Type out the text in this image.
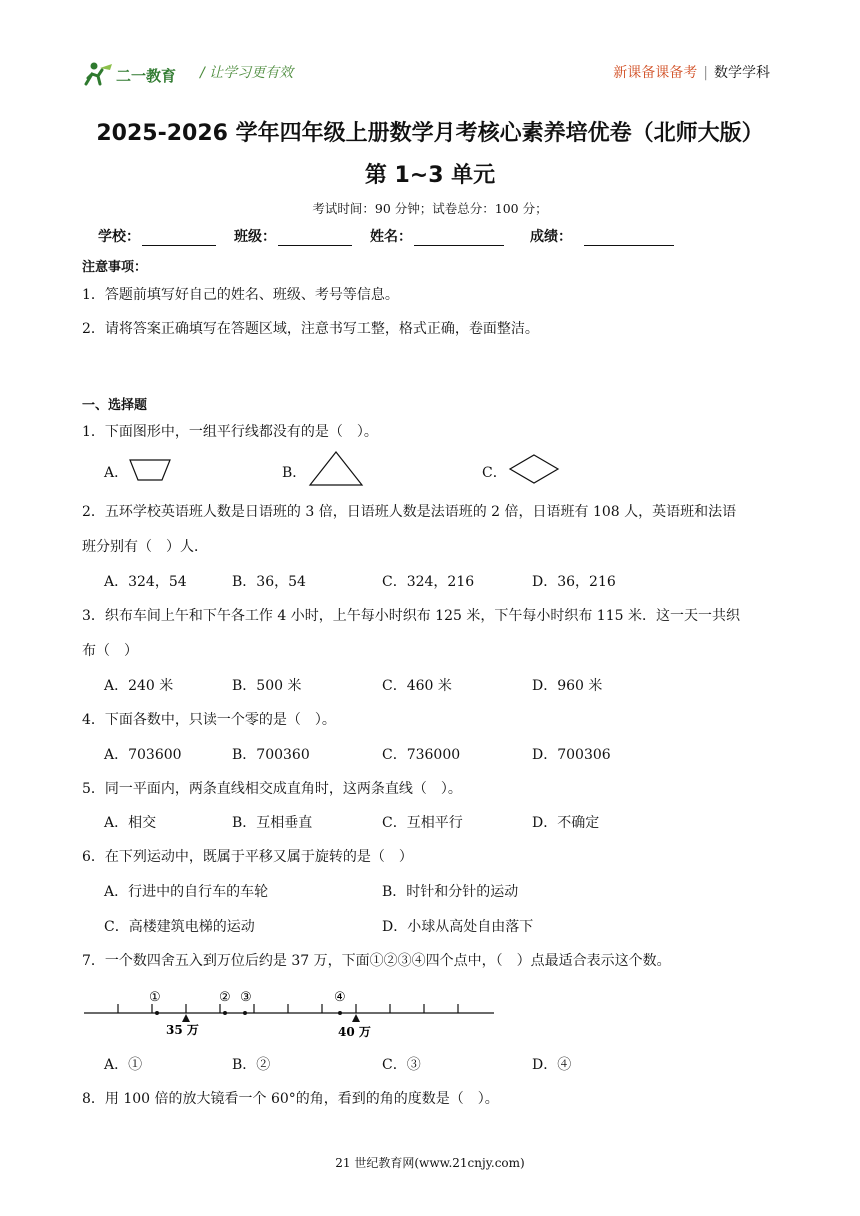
二一教育 / 让学习更有效	新课备课备考 | 数学学科
2025-2026 学年四年级上册数学月考核心素养培优卷（北师大版）
第 1~3 单元
考试时间：90 分钟；试卷总分：100 分；
学校：	班级：	姓名：	成绩：
注意事项：
1．答题前填写好自己的姓名、班级、考号等信息。
2．请将答案正确填写在答题区域，注意书写工整，格式正确，卷面整洁。
一、选择题
1．下面图形中，一组平行线都没有的是（　）。
A．	B．	C．
2．五环学校英语班人数是日语班的 3 倍，日语班人数是法语班的 2 倍，日语班有 108 人，英语班和法语
班分别有（　）人．
A．324，54	B．36，54	C．324，216	D．36，216
3．织布车间上午和下午各工作 4 小时，上午每小时织布 125 米，下午每小时织布 115 米．这一天一共织
布（　）
A．240 米	B．500 米	C．460 米	D．960 米
4．下面各数中，只读一个零的是（　）。
A．703600	B．700360	C．736000	D．700306
5．同一平面内，两条直线相交成直角时，这两条直线（　）。
A．相交	B．互相垂直	C．互相平行	D．不确定
6．在下列运动中，既属于平移又属于旋转的是（　）
A．行进中的自行车的车轮	B．时针和分针的运动
C．高楼建筑电梯的运动	D．小球从高处自由落下
7．一个数四舍五入到万位后约是 37 万，下面①②③④四个点中，（　）点最适合表示这个数。
①	② ③	④
35 万	40 万
A．①	B．②	C．③	D．④
8．用 100 倍的放大镜看一个 60°的角，看到的角的度数是（　）。
21 世纪教育网(www.21cnjy.com)
